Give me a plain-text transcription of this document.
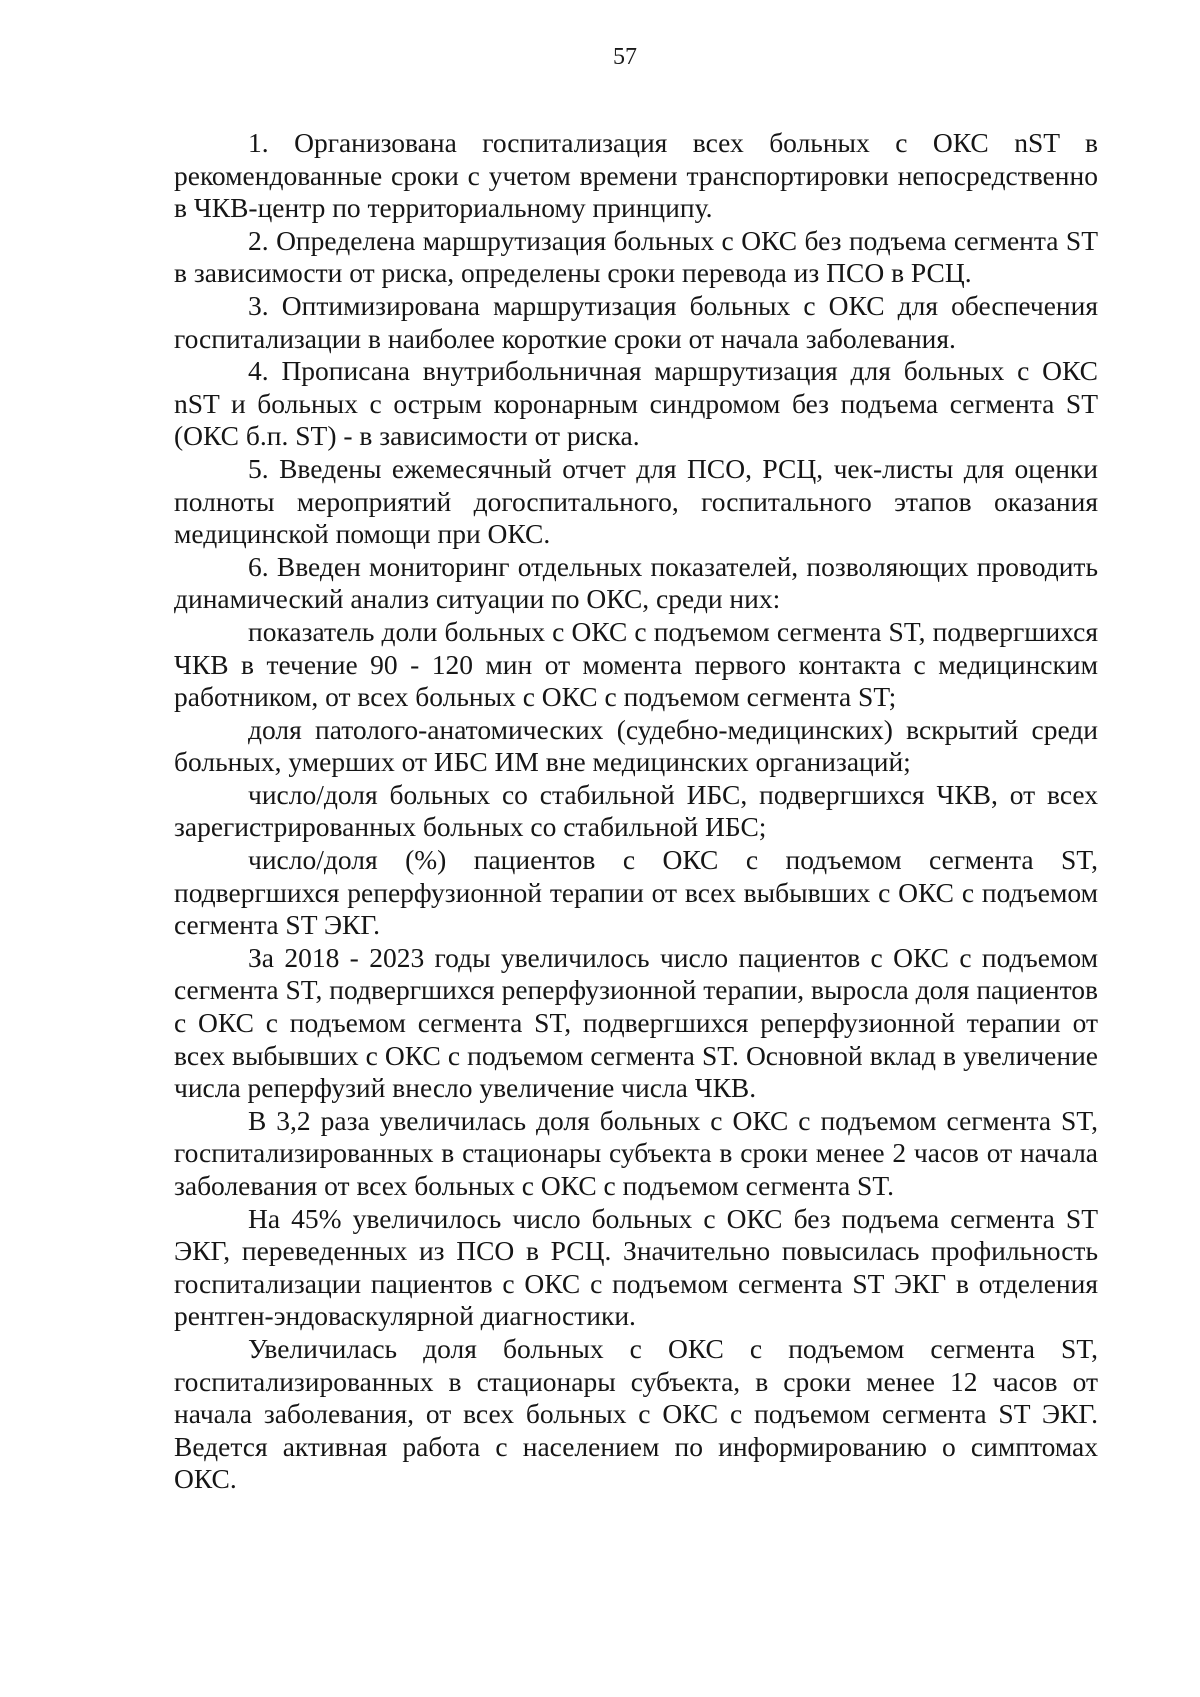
57

1. Организована госпитализация всех больных с ОКС nST в рекомендованные сроки с учетом времени транспортировки непосредственно в ЧКВ-центр по территориальному принципу.

2. Определена маршрутизация больных с ОКС без подъема сегмента ST в зависимости от риска, определены сроки перевода из ПСО в РСЦ.

3. Оптимизирована маршрутизация больных с ОКС для обеспечения госпитализации в наиболее короткие сроки от начала заболевания.

4. Прописана внутрибольничная маршрутизация для больных с ОКС nST и больных с острым коронарным синдромом без подъема сегмента ST (ОКС б.п. ST) - в зависимости от риска.

5. Введены ежемесячный отчет для ПСО, РСЦ, чек-листы для оценки полноты мероприятий догоспитального, госпитального этапов оказания медицинской помощи при ОКС.

6. Введен мониторинг отдельных показателей, позволяющих проводить динамический анализ ситуации по ОКС, среди них:

показатель доли больных с ОКС с подъемом сегмента ST, подвергшихся ЧКВ в течение 90 - 120 мин от момента первого контакта с медицинским работником, от всех больных с ОКС с подъемом сегмента ST;

доля патолого-анатомических (судебно-медицинских) вскрытий среди больных, умерших от ИБС ИМ вне медицинских организаций;

число/доля больных со стабильной ИБС, подвергшихся ЧКВ, от всех зарегистрированных больных со стабильной ИБС;

число/доля (%) пациентов с ОКС с подъемом сегмента ST, подвергшихся реперфузионной терапии от всех выбывших с ОКС с подъемом сегмента ST ЭКГ.

За 2018 - 2023 годы увеличилось число пациентов с ОКС с подъемом сегмента ST, подвергшихся реперфузионной терапии, выросла доля пациентов с ОКС с подъемом сегмента ST, подвергшихся реперфузионной терапии от всех выбывших с ОКС с подъемом сегмента ST. Основной вклад в увеличение числа реперфузий внесло увеличение числа ЧКВ.

В 3,2 раза увеличилась доля больных с ОКС с подъемом сегмента ST, госпитализированных в стационары субъекта в сроки менее 2 часов от начала заболевания от всех больных с ОКС с подъемом сегмента ST.

На 45% увеличилось число больных с ОКС без подъема сегмента ST ЭКГ, переведенных из ПСО в РСЦ. Значительно повысилась профильность госпитализации пациентов с ОКС с подъемом сегмента ST ЭКГ в отделения рентген-эндоваскулярной диагностики.

Увеличилась доля больных с ОКС с подъемом сегмента ST, госпитализированных в стационары субъекта, в сроки менее 12 часов от начала заболевания, от всех больных с ОКС с подъемом сегмента ST ЭКГ. Ведется активная работа с населением по информированию о симптомах ОКС.
